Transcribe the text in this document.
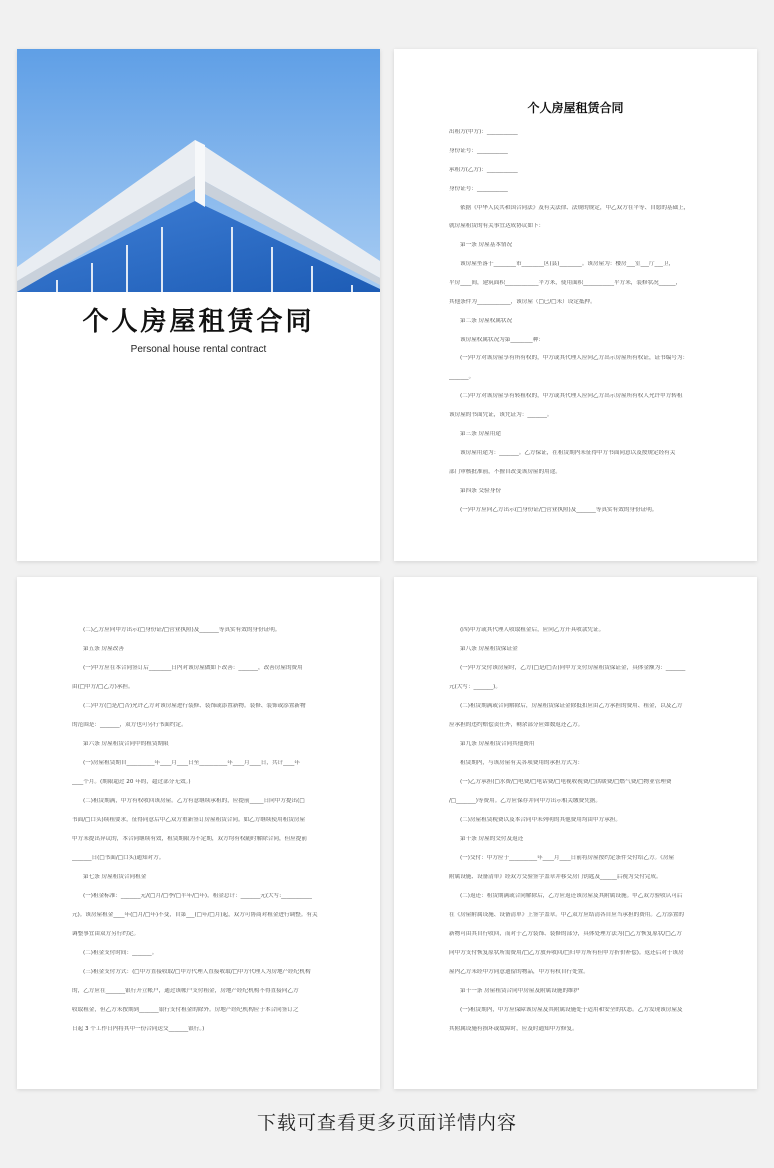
个人房屋租赁合同
Personal house rental contract
个人房屋租赁合同
出租方(甲方)：___________
身份证号：___________
承租方(乙方)：___________
身份证号：___________
依据《中华人民共和国合同法》及有关法律、法规的规定，甲乙双方在平等、自愿的基础上，
就房屋租赁的有关事宜达成协议如下：
第一条 房屋基本情况
该房屋坐落于________市________区(县)________。该房屋为：楼房___室___厅___卫，
平房____间，建筑面积____________平方米，使用面积___________平方米，装修状况______，
其他条件为____________，该房屋（□已/□未）设定抵押。
第二条 房屋权属状况
该房屋权属状况为第________种：
(一)甲方对该房屋享有所有权的，甲方或其代理人应向乙方出示房屋所有权证，证书编号为：
_______。
(二)甲方对该房屋享有转租权的，甲方或其代理人应向乙方出示房屋所有权人允许甲方转租
该房屋的书面凭证，该凭证为：_______。
第三条 房屋用途
该房屋用途为：_______。乙方保证，在租赁期内未征得甲方书面同意以及按规定经有关
部门审核批准前，不擅自改变该房屋的用途。
第四条 交验身份
(一)甲方应向乙方出示(□身份证/□营业执照)及_______等真实有效的身份证明。
(二)乙方应向甲方出示(□身份证/□营业执照)及_______等真实有效的身份证明。
第五条 房屋改善
(一)甲方应在本合同签订后________日内对该房屋做如下改善：_______，改善房屋的费用
由(□甲方/□乙方)承担。
(二)甲方(□是/□否)允许乙方对该房屋进行装修、装饰或添置新物。装修、装饰或添置新物
的范围是：_______，双方也可另行书面约定。
第六条 房屋租赁合同中的租赁期限
(一)房屋租赁期自__________年____月____日至__________年____月____日，共计____年
____个月。(期限超过 20 年的，超过部分无效。)
(二)租赁期满，甲方有权收回该房屋。乙方有意继续承租的，应提前_____日向甲方提出(□
书面/□口头)续租要求，征得同意后甲乙双方重新签订房屋租赁合同。如乙方继续使用租赁房屋
甲方未提出异议的，本合同继续有效，租赁期限为不定期，双方均有权随时解除合同，但应提前
_______日(□书面/□口头)通知对方。
第七条 房屋租赁合同租金
(一)租金标准：_______元/(□月/□季/□半年/□年)，租金总计：_______元(大写:___________
元)。该房屋租金____年(□月/□年)不变，自第___(□年/□月)起，双方可协商对租金进行调整。有关
调整事宜由双方另行约定。
(二)租金支付时间：_______。
(三)租金支付方式：(□甲方直接收取/□甲方代理人直接收取/□甲方代理人为房地产经纪机构
的，乙方应在_______银行开立帐户，通过该帐户支付租金，房地产经纪机构不得直接向乙方
收取租金，但乙方未按期到_______银行支付租金的除外。房地产经纪机构应于本合同签订之
日起 3 个工作日内将其中一份合同送交_______银行。)
(四)甲方或其代理人收取租金后，应向乙方开具收款凭证。
第八条 房屋租赁保证金
(一)甲方交付该房屋时，乙方(□是/□否)向甲方支付房屋租赁保证金，具体金额为：_______
元(大写：_______)。
(二)租赁期满或合同解除后，房屋租赁保证金除抵扣应由乙方承担的费用、租金，以及乙方
应承担的违约赔偿责任外，剩余部分应如数返还乙方。
第九条 房屋租赁合同其他费用
租赁期内，与该房屋有关各项费用的承担方式为：
(一)乙方承担(□水费/□电费/□电话费/□电视收视费/□供暖费/□燃气费/□物业管理费
/□_______)等费用。乙方应保存并向甲方出示相关缴费凭据。
(二)房屋租赁税费以及本合同中未列明的其他费用均由甲方承担。
第十条 房屋的交付及返还
(一)交付：甲方应于__________年____月____日前将房屋按约定条件交付给乙方。《房屋
附属设施、设备清单》经双方交验签字盖章并移交房门钥匙及______后视为交付完成。
(二)返还：租赁期满或合同解除后，乙方应返还该房屋及其附属设施。甲乙双方验收认可后
在《房屋附属设施、设备清单》上签字盖章。甲乙双方应结清各自应当承担的费用。乙方添置的
新物可由其自行收回，而对于乙方装饰、装修的部分，具体处理方法为(□乙方恢复原状/□乙方
向甲方支付恢复原状所需费用/□乙方放弃收回/□归甲方所有但甲方折价补偿)。返还后对于该房
屋内乙方未经甲方同意遗留的物品，甲方有权自行处置。
第十一条 房屋租赁合同中房屋及附属设施的维护
(一)租赁期内，甲方应保障该房屋及其附属设施处于适用和安全的状态。乙方发现该房屋及
其附属设施有损坏或故障时，应及时通知甲方修复。
下载可查看更多页面详情内容
